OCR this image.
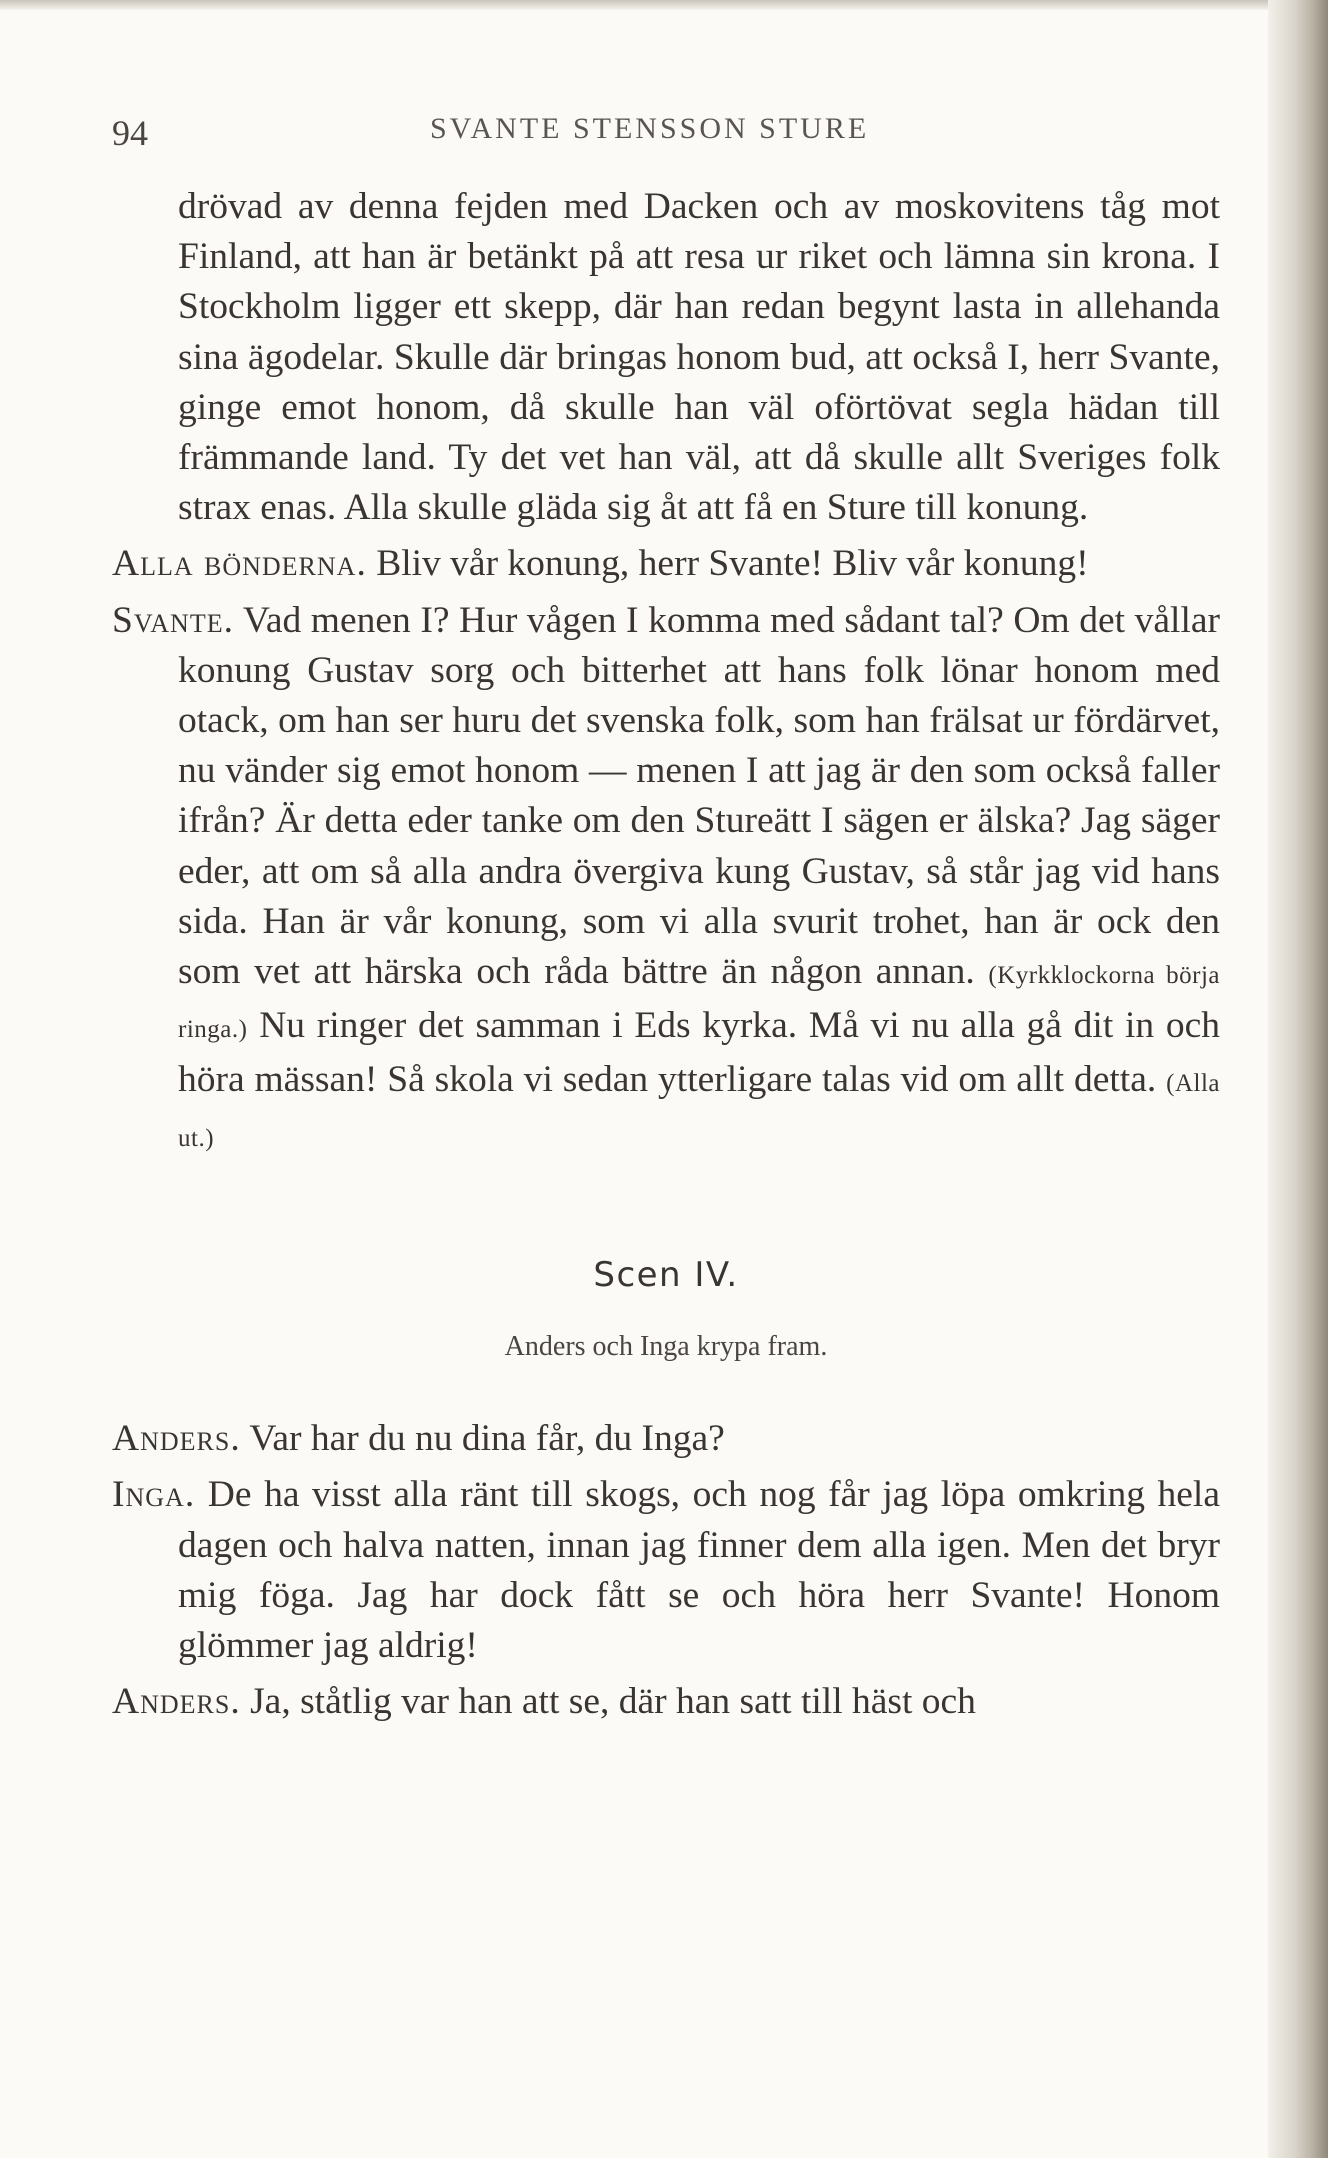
94	SVANTE STENSSON STURE

drövad av denna fejden med Dacken och av moskovitens tåg mot Finland, att han är betänkt på att resa ur riket och lämna sin krona. I Stockholm ligger ett skepp, där han redan begynt lasta in allehanda sina ägodelar. Skulle där bringas honom bud, att också I, herr Svante, ginge emot honom, då skulle han väl oförtövat segla hädan till främmande land. Ty det vet han väl, att då skulle allt Sveriges folk strax enas. Alla skulle gläda sig åt att få en Sture till konung.

Alla bönderna. Bliv vår konung, herr Svante! Bliv vår konung!

Svante. Vad menen I? Hur vågen I komma med sådant tal? Om det vållar konung Gustav sorg och bitterhet att hans folk lönar honom med otack, om han ser huru det svenska folk, som han frälsat ur fördärvet, nu vänder sig emot honom — menen I att jag är den som också faller ifrån? Är detta eder tanke om den Stureätt I sägen er älska? Jag säger eder, att om så alla andra övergiva kung Gustav, så står jag vid hans sida. Han är vår konung, som vi alla svurit trohet, han är ock den som vet att härska och råda bättre än någon annan. (Kyrkklockorna börja ringa.) Nu ringer det samman i Eds kyrka. Må vi nu alla gå dit in och höra mässan! Så skola vi sedan ytterligare talas vid om allt detta. (Alla ut.)

Scen IV.
Anders och Inga krypa fram.

Anders. Var har du nu dina får, du Inga?

Inga. De ha visst alla ränt till skogs, och nog får jag löpa omkring hela dagen och halva natten, innan jag finner dem alla igen. Men det bryr mig föga. Jag har dock fått se och höra herr Svante! Honom glömmer jag aldrig!

Anders. Ja, ståtlig var han att se, där han satt till häst och
